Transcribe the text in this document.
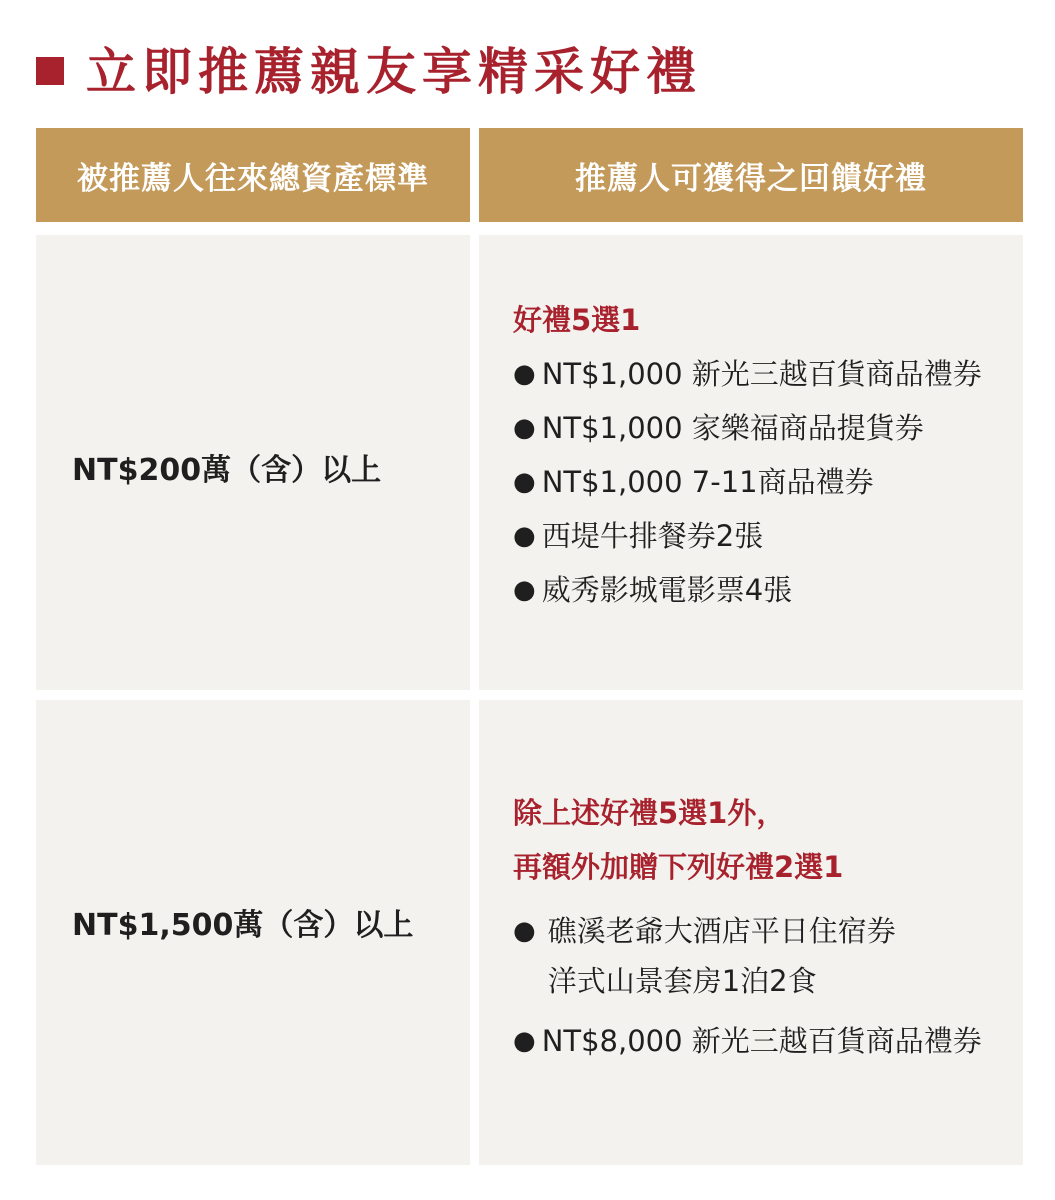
立即推薦親友享精采好禮
被推薦人往來總資產標準	推薦人可獲得之回饋好禮
NT$200萬（含）以上
好禮5選1
● NT$1,000 新光三越百貨商品禮券
● NT$1,000 家樂福商品提貨券
● NT$1,000 7-11商品禮券
● 西堤牛排餐券2張
● 威秀影城電影票4張
NT$1,500萬（含）以上
除上述好禮5選1外，
再額外加贈下列好禮2選1
● 礁溪老爺大酒店平日住宿券
洋式山景套房1泊2食
● NT$8,000 新光三越百貨商品禮券
